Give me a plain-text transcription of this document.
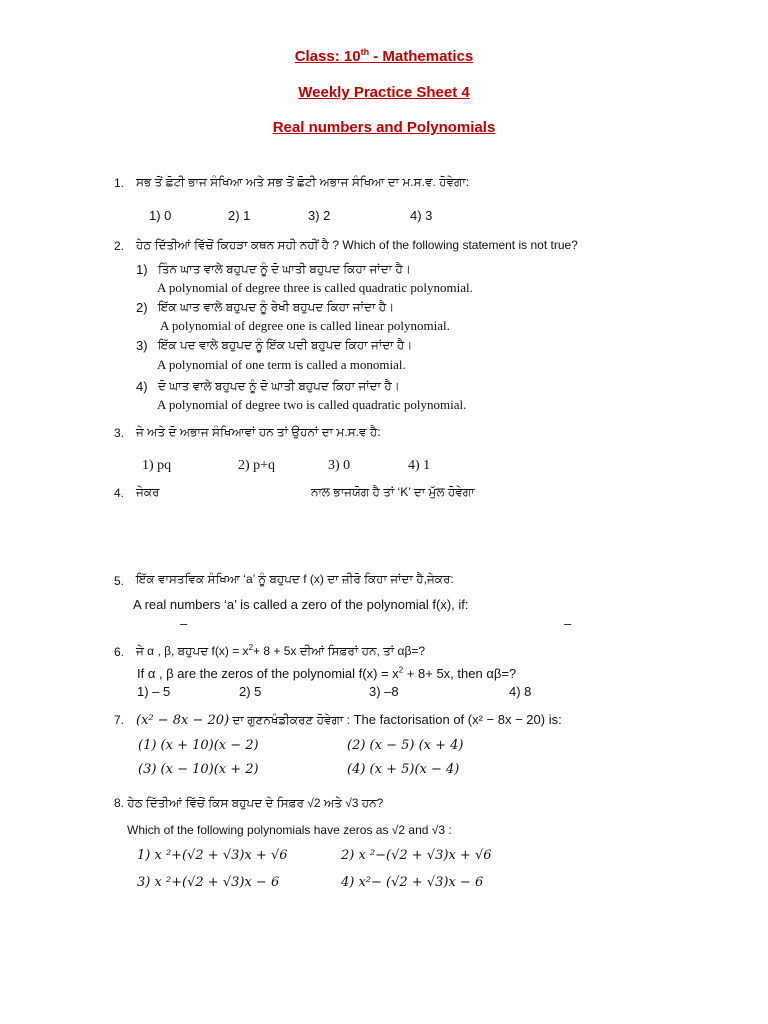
Class: 10th - Mathematics
Weekly Practice Sheet 4
Real numbers and Polynomials
1. ਸਭ ਤੋਂ ਛੋਟੀ ਭਾਜ ਸੰਖਿਆ ਅਤੇ ਸਭ ਤੋਂ ਛੋਟੀ ਅਭਾਜ ਸੰਖਿਆ ਦਾ ਮ.ਸ.ਵ. ਹੋਵੇਗਾ:
1) 0	2) 1	3) 2	4) 3
2. ਹੇਠ ਦਿੱਤੀਆਂ ਵਿੱਚੋਂ ਕਿਹੜਾ ਕਥਨ ਸਹੀ ਨਹੀਂ ਹੈ ? Which of the following statement is not true?
1) ਤਿੰਨ ਘਾਤ ਵਾਲੇ ਬਹੁਪਦ ਨੂੰ ਦੋ ਘਾਤੀ ਬਹੁਪਦ ਕਿਹਾ ਜਾਂਦਾ ਹੈ।
A polynomial of degree three is called quadratic polynomial.
2) ਇੱਕ ਘਾਤ ਵਾਲੇ ਬਹੁਪਦ ਨੂੰ ਰੇਖੀ ਬਹੁਪਦ ਕਿਹਾ ਜਾਂਦਾ ਹੈ।
A polynomial of degree one is called linear polynomial.
3) ਇੱਕ ਪਦ ਵਾਲੇ ਬਹੁਪਦ ਨੂੰ ਇੱਕ ਪਦੀ ਬਹੁਪਦ ਕਿਹਾ ਜਾਂਦਾ ਹੈ।
A polynomial of one term is called a monomial.
4) ਦੋ ਘਾਤ ਵਾਲੇ ਬਹੁਪਦ ਨੂੰ ਦੋ ਘਾਤੀ ਬਹੁਪਦ ਕਿਹਾ ਜਾਂਦਾ ਹੈ।
A polynomial of degree two is called quadratic polynomial.
3. ਜੇ ਅਤੇ ਦੋ ਅਭਾਜ ਸੰਖਿਆਵਾਂ ਹਨ ਤਾਂ ਉਹਨਾਂ ਦਾ ਮ.ਸ.ਵ ਹੈ:
1) pq	2) p+q	3) 0	4) 1
4. ਜੇਕਰ	ਨਾਲ ਭਾਜਯੋਗ ਹੈ ਤਾਂ ‘K’ ਦਾ ਮੁੱਲ ਹੋਵੇਗਾ
5. ਇੱਕ ਵਾਸਤਵਿਕ ਸੰਖਿਆ ‘a’ ਨੂੰ ਬਹੁਪਦ f (x) ਦਾ ਜ਼ੀਰੋ ਕਿਹਾ ਜਾਂਦਾ ਹੈ,ਜੇਕਰ:
A real numbers ‘a’ is called a zero of the polynomial f(x), if:
–	–
6. ਜੇ α , β, ਬਹੁਪਦ $f(x) = x^2+ 8 + 5x$ ਦੀਆਂ ਸਿਫ਼ਰਾਂ ਹਨ, ਤਾਂ αβ=?
If α , β are the zeros of the polynomial $f(x) = x^2 + 8+ 5x$, then αβ=?
1) – 5	2) 5	3) –8	4) 8
7. (x² − 8x − 20) ਦਾ ਗੁਣਨਖੰਡੀਕਰਣ ਹੋਵੇਗਾ : The factorisation of (x² − 8x − 20) is:
(1) (x + 10)(x − 2)	(2) (x − 5) (x + 4)
(3) (x − 10)(x + 2)	(4) (x + 5)(x − 4)
8. ਹੇਠ ਦਿੱਤੀਆਂ ਵਿੱਚੋਂ ਕਿਸ ਬਹੁਪਦ ਦੇ ਸਿਫ਼ਰ √2 ਅਤੇ √3 ਹਨ?
Which of the following polynomials have zeros as √2 and √3 :
1) x ²+(√2 + √3)x + √6	2) x ²−(√2 + √3)x + √6
3) x ²+(√2 + √3)x − 6	4) x²− (√2 + √3)x − 6
